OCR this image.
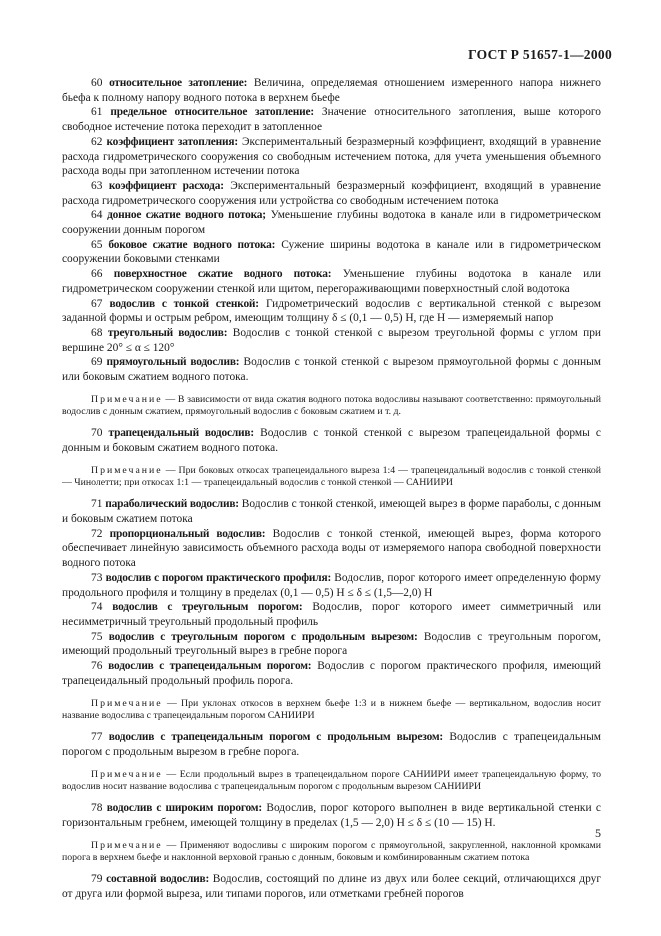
ГОСТ Р 51657-1—2000

60 относительное затопление: Величина, определяемая отношением измеренного напора нижнего бьефа к полному напору водного потока в верхнем бьефе

61 предельное относительное затопление: Значение относительного затопления, выше которого свободное истечение потока переходит в затопленное

62 коэффициент затопления: Экспериментальный безразмерный коэффициент, входящий в уравнение расхода гидрометрического сооружения со свободным истечением потока, для учета уменьшения объемного расхода воды при затопленном истечении потока

63 коэффициент расхода: Экспериментальный безразмерный коэффициент, входящий в уравнение расхода гидрометрического сооружения или устройства со свободным истечением потока

64 донное сжатие водного потока; Уменьшение глубины водотока в канале или в гидрометрическом сооружении донным порогом

65 боковое сжатие водного потока: Сужение ширины водотока в канале или в гидрометрическом сооружении боковыми стенками

66 поверхностное сжатие водного потока: Уменьшение глубины водотока в канале или гидрометрическом сооружении стенкой или щитом, перегораживающими поверхностный слой водотока

67 водослив с тонкой стенкой: Гидрометрический водослив с вертикальной стенкой с вырезом заданной формы и острым ребром, имеющим толщину δ ≤ (0,1 — 0,5) H, где H — измеряемый напор

68 треугольный водослив: Водослив с тонкой стенкой с вырезом треугольной формы с углом при вершине 20° ≤ α ≤ 120°

69 прямоугольный водослив: Водослив с тонкой стенкой с вырезом прямоугольной формы с донным или боковым сжатием водного потока.

Примечание — В зависимости от вида сжатия водного потока водосливы называют соответственно: прямоугольный водослив с донным сжатием, прямоугольный водослив с боковым сжатием и т. д.

70 трапецеидальный водослив: Водослив с тонкой стенкой с вырезом трапецеидальной формы с донным и боковым сжатием водного потока.

Примечание — При боковых откосах трапецеидального выреза 1:4 — трапецеидальный водослив с тонкой стенкой — Чинолетти; при откосах 1:1 — трапецеидальный водослив с тонкой стенкой — САНИИРИ

71 параболический водослив: Водослив с тонкой стенкой, имеющей вырез в форме параболы, с донным и боковым сжатием потока

72 пропорциональный водослив: Водослив с тонкой стенкой, имеющей вырез, форма которого обеспечивает линейную зависимость объемного расхода воды от измеряемого напора свободной поверхности водного потока

73 водослив с порогом практического профиля: Водослив, порог которого имеет определенную форму продольного профиля и толщину в пределах (0,1 — 0,5) H ≤ δ ≤ (1,5—2,0) H

74 водослив с треугольным порогом: Водослив, порог которого имеет симметричный или несимметричный треугольный продольный профиль

75 водослив с треугольным порогом с продольным вырезом: Водослив с треугольным порогом, имеющий продольный треугольный вырез в гребне порога

76 водослив с трапецеидальным порогом: Водослив с порогом практического профиля, имеющий трапецеидальный продольный профиль порога.

Примечание — При уклонах откосов в верхнем бьефе 1:3 и в нижнем бьефе — вертикальном, водослив носит название водослива с трапецеидальным порогом САНИИРИ

77 водослив с трапецеидальным порогом с продольным вырезом: Водослив с трапецеидальным порогом с продольным вырезом в гребне порога.

Примечание — Если продольный вырез в трапецеидальном пороге САНИИРИ имеет трапецеидальную форму, то водослив носит название водослива с трапецеидальным порогом с продольным вырезом САНИИРИ

78 водослив с широким порогом: Водослив, порог которого выполнен в виде вертикальной стенки с горизонтальным гребнем, имеющей толщину в пределах (1,5 — 2,0) H ≤ δ ≤ (10 — 15) H.

Примечание — Применяют водосливы с широким порогом с прямоугольной, закругленной, наклонной кромками порога в верхнем бьефе и наклонной верховой гранью с донным, боковым и комбинированным сжатием потока

79 составной водослив: Водослив, состоящий по длине из двух или более секций, отличающихся друг от друга или формой выреза, или типами порогов, или отметками гребней порогов

5
